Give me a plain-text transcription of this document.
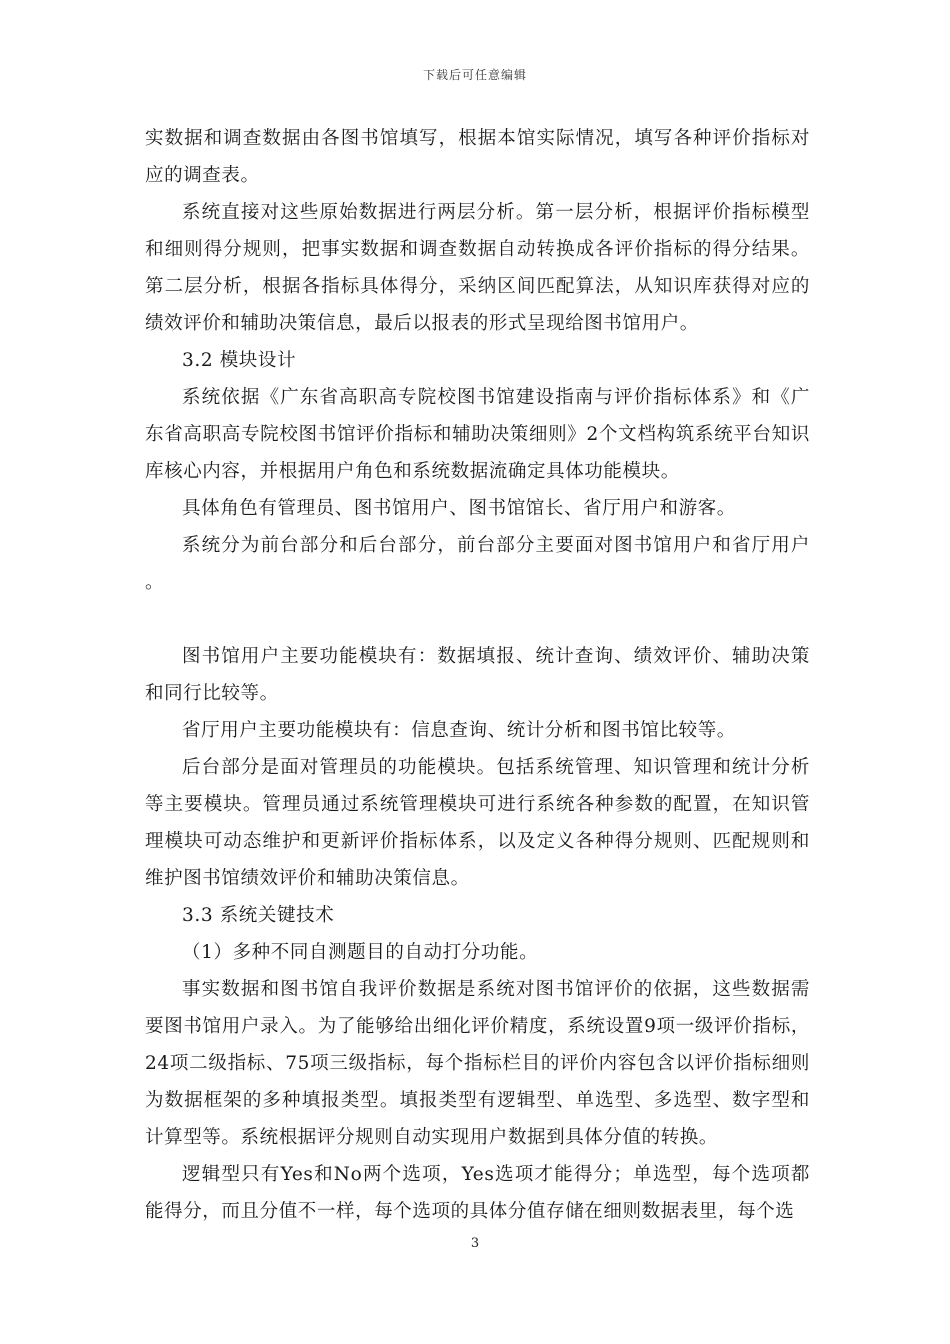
下载后可任意编辑

实数据和调查数据由各图书馆填写，根据本馆实际情况，填写各种评价指标对应的调查表。

系统直接对这些原始数据进行两层分析。第一层分析，根据评价指标模型和细则得分规则，把事实数据和调查数据自动转换成各评价指标的得分结果。第二层分析，根据各指标具体得分，采纳区间匹配算法，从知识库获得对应的绩效评价和辅助决策信息，最后以报表的形式呈现给图书馆用户。

3.2 模块设计

系统依据《广东省高职高专院校图书馆建设指南与评价指标体系》和《广东省高职高专院校图书馆评价指标和辅助决策细则》2个文档构筑系统平台知识库核心内容，并根据用户角色和系统数据流确定具体功能模块。

具体角色有管理员、图书馆用户、图书馆馆长、省厅用户和游客。

系统分为前台部分和后台部分，前台部分主要面对图书馆用户和省厅用户 。

图书馆用户主要功能模块有：数据填报、统计查询、绩效评价、辅助决策和同行比较等。

省厅用户主要功能模块有：信息查询、统计分析和图书馆比较等。

后台部分是面对管理员的功能模块。包括系统管理、知识管理和统计分析等主要模块。管理员通过系统管理模块可进行系统各种参数的配置，在知识管理模块可动态维护和更新评价指标体系，以及定义各种得分规则、匹配规则和维护图书馆绩效评价和辅助决策信息。

3.3 系统关键技术

（1）多种不同自测题目的自动打分功能。

事实数据和图书馆自我评价数据是系统对图书馆评价的依据，这些数据需要图书馆用户录入。为了能够给出细化评价精度，系统设置9项一级评价指标，24项二级指标、75项三级指标，每个指标栏目的评价内容包含以评价指标细则为数据框架的多种填报类型。填报类型有逻辑型、单选型、多选型、数字型和计算型等。系统根据评分规则自动实现用户数据到具体分值的转换。

逻辑型只有Yes和No两个选项，Yes选项才能得分；单选型，每个选项都能得分，而且分值不一样，每个选项的具体分值存储在细则数据表里，每个选

3
